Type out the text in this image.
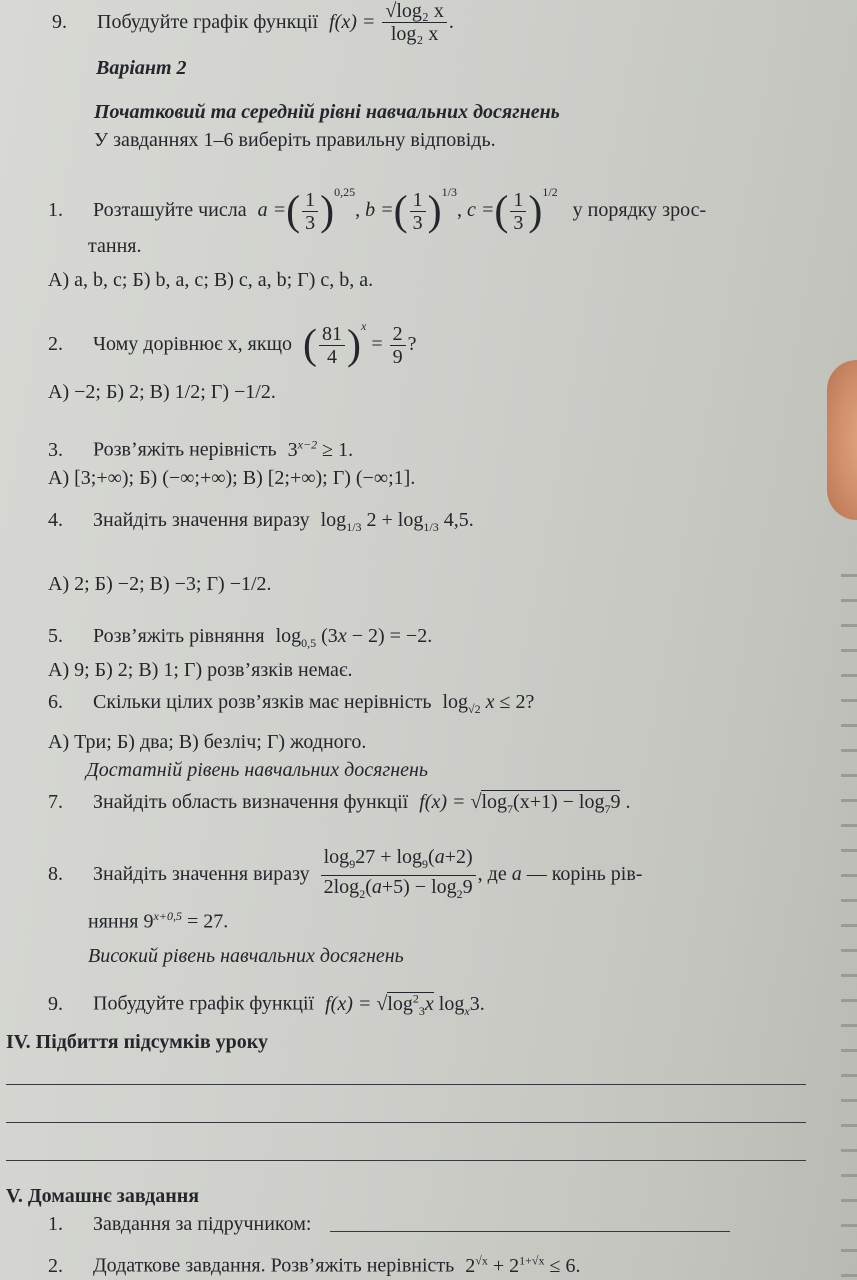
9. Побудуйте графік функції $f(x) = \frac{\text{√log₂ x}}{\text{log₂ x}}$ .
Варіант 2
Початковий та середній рівні навчальних досягнень
У завданнях 1–6 виберіть правильну відповідь.
1. Розташуйте числа a =( $\frac{1}{3} )^{0,25}$, b =( $\frac{1}{3} )^{1/3}$, c =( $\frac{1}{3} )^{1/2}$ у порядку зрос-
тання.
А) a, b, c; Б) b, a, c; В) c, a, b; Г) c, b, a.
2. Чому дорівнює x, якщо ( $\frac{81}{4} )^x = \frac{2}{9}$ ?
А) −2; Б) 2; В) 1/2; Г) −1/2.
3. Розв’яжіть нерівність $3^{x-2} \ge 1$.
А) [3;+∞); Б) (−∞;+∞); В) [2;+∞); Г) (−∞;1].
4. Знайдіть значення виразу $\log_{1/3} 2 + \log_{1/3} 4,5$.
А) 2; Б) −2; В) −3; Г) −1/2.
5. Розв’яжіть рівняння $\log_{0,5} (3x - 2) = -2$.
А) 9; Б) 2; В) 1; Г) розв’язків немає.
6. Скільки цілих розв’язків має нерівність $\log_{√2} x \le 2$?
А) Три; Б) два; В) безліч; Г) жодного.
Достатній рівень навчальних досягнень
7. Знайдіть область визначення функції $f(x) = √\log_7(x+1) - \log_79$ .
8. Знайдіть значення виразу $\frac{\log_927 + \log_9(a+2)}{2\log_2(a+5) - \log_29}$ , де a — корінь рів-
няння $9^{x+0,5} = 27$.
Високий рівень навчальних досягнень
9. Побудуйте графік функції $f(x) = √\log^2_3x$ $\log_x3$.
IV. Підбиття підсумків уроку
V. Домашнє завдання
1. Завдання за підручником:
2. Додаткове завдання. Розв’яжіть нерівність $2^{√x} + 2^{1+√x} \le 6$.
